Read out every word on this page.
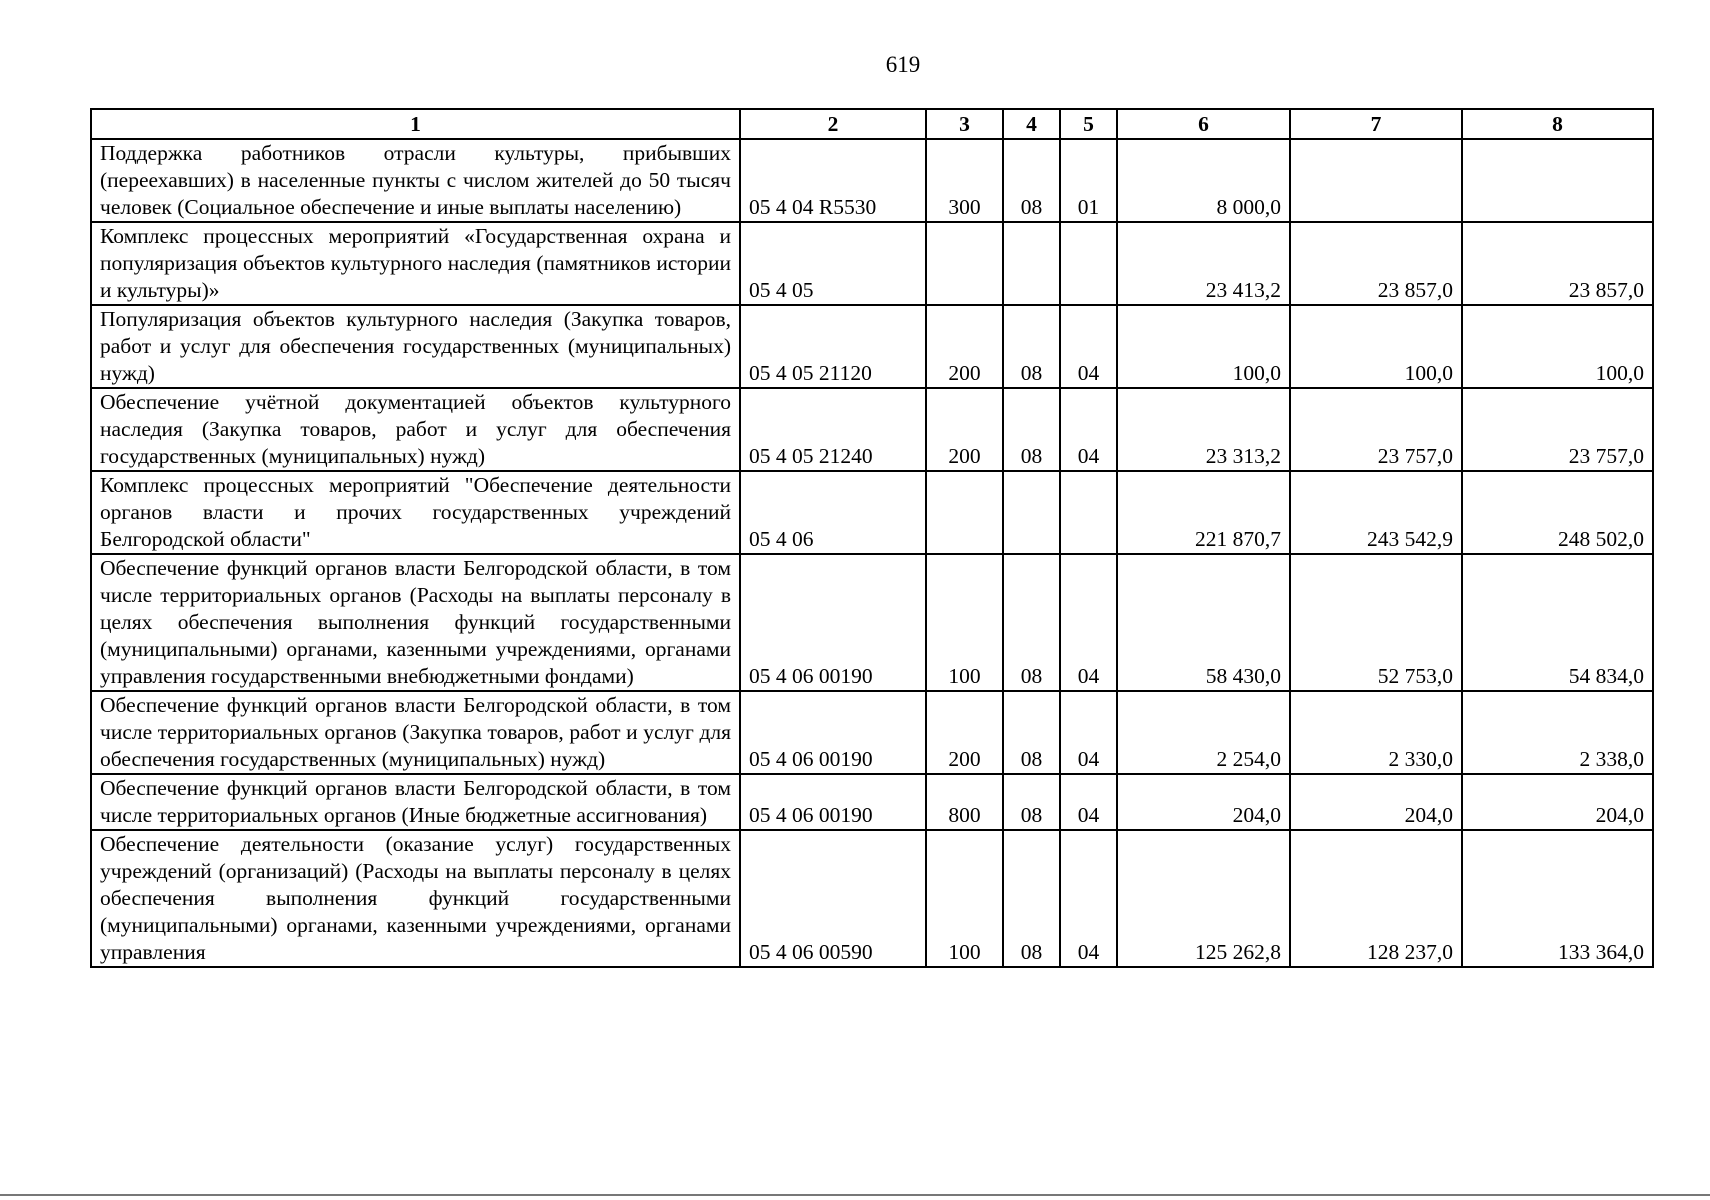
619
1	2	3	4	5	6	7	8
Поддержка работников отрасли культуры, прибывших (переехавших) в населенные пункты с числом жителей до 50 тысяч человек (Социальное обеспечение и иные выплаты населению)	05 4 04 R5530	300	08	01	8 000,0		
Комплекс процессных мероприятий «Государственная охрана и популяризация объектов культурного наследия (памятников истории и культуры)»	05 4 05				23 413,2	23 857,0	23 857,0
Популяризация объектов культурного наследия (Закупка товаров, работ и услуг для обеспечения государственных (муниципальных) нужд)	05 4 05 21120	200	08	04	100,0	100,0	100,0
Обеспечение учётной документацией объектов культурного наследия (Закупка товаров, работ и услуг для обеспечения государственных (муниципальных) нужд)	05 4 05 21240	200	08	04	23 313,2	23 757,0	23 757,0
Комплекс процессных мероприятий "Обеспечение деятельности органов власти и прочих государственных учреждений Белгородской области"	05 4 06				221 870,7	243 542,9	248 502,0
Обеспечение функций органов власти Белгородской области, в том числе территориальных органов (Расходы на выплаты персоналу в целях обеспечения выполнения функций государственными (муниципальными) органами, казенными учреждениями, органами управления государственными внебюджетными фондами)	05 4 06 00190	100	08	04	58 430,0	52 753,0	54 834,0
Обеспечение функций органов власти Белгородской области, в том числе территориальных органов (Закупка товаров, работ и услуг для обеспечения государственных (муниципальных) нужд)	05 4 06 00190	200	08	04	2 254,0	2 330,0	2 338,0
Обеспечение функций органов власти Белгородской области, в том числе территориальных органов (Иные бюджетные ассигнования)	05 4 06 00190	800	08	04	204,0	204,0	204,0
Обеспечение деятельности (оказание услуг) государственных учреждений (организаций) (Расходы на выплаты персоналу в целях обеспечения выполнения функций государственными (муниципальными) органами, казенными учреждениями, органами управления	05 4 06 00590	100	08	04	125 262,8	128 237,0	133 364,0
